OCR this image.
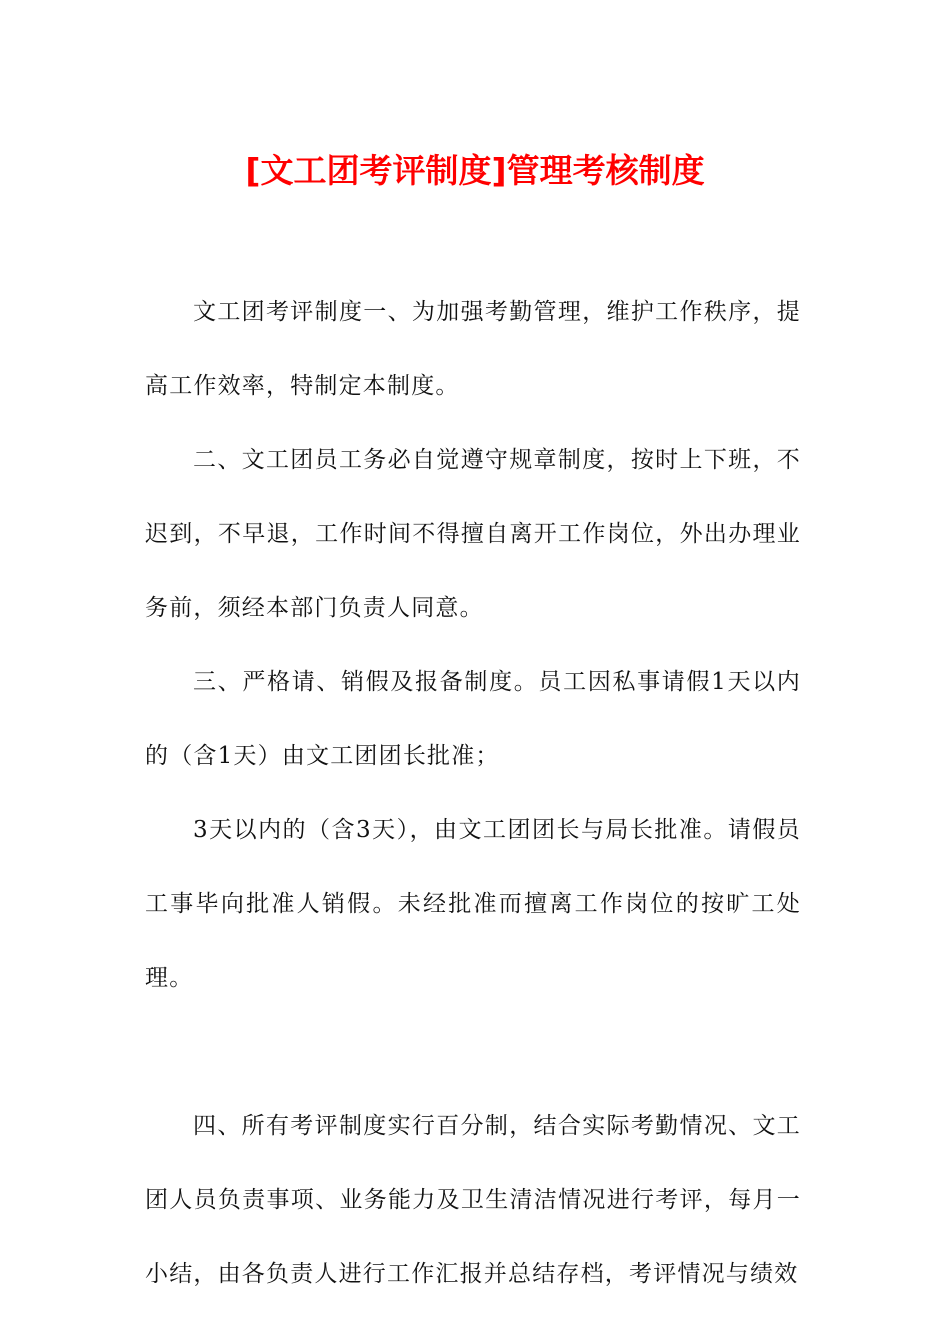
[文工团考评制度]管理考核制度

文工团考评制度一、为加强考勤管理，维护工作秩序，提高工作效率，特制定本制度。

二、文工团员工务必自觉遵守规章制度，按时上下班，不迟到，不早退，工作时间不得擅自离开工作岗位，外出办理业务前，须经本部门负责人同意。

三、严格请、销假及报备制度。员工因私事请假1天以内的（含1天）由文工团团长批准；

3天以内的（含3天），由文工团团长与局长批准。请假员工事毕向批准人销假。未经批准而擅离工作岗位的按旷工处理。

四、所有考评制度实行百分制，结合实际考勤情况、文工团人员负责事项、业务能力及卫生清洁情况进行考评，每月一小结，由各负责人进行工作汇报并总结存档，考评情况与绩效
